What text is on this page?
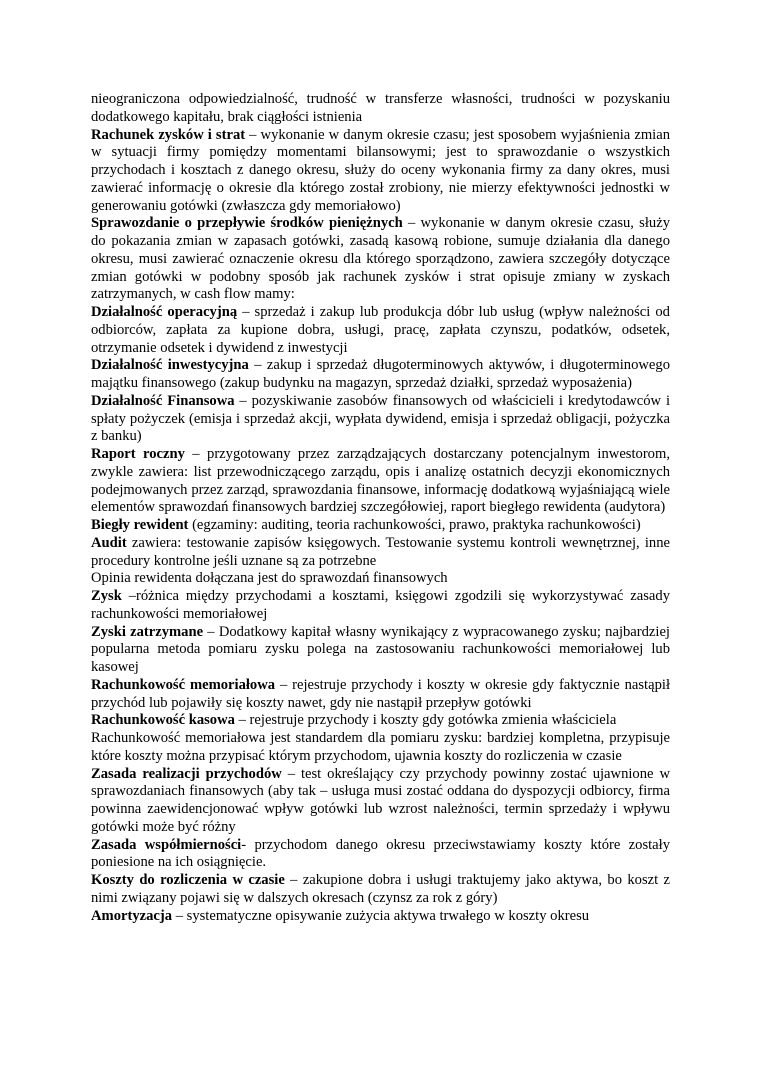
nieograniczona odpowiedzialność, trudność w transferze własności, trudności w pozyskaniu dodatkowego kapitału, brak ciągłości istnienia

Rachunek zysków i strat – wykonanie w danym okresie czasu; jest sposobem wyjaśnienia zmian w sytuacji firmy pomiędzy momentami bilansowymi; jest to sprawozdanie o wszystkich przychodach i kosztach z danego okresu, służy do oceny wykonania firmy za dany okres, musi zawierać informację o okresie dla którego został zrobiony, nie mierzy efektywności jednostki w generowaniu gotówki (zwłaszcza gdy memoriałowo)

Sprawozdanie o przepływie środków pieniężnych – wykonanie w danym okresie czasu, służy do pokazania zmian w zapasach gotówki, zasadą kasową robione, sumuje działania dla danego okresu, musi zawierać oznaczenie okresu dla którego sporządzono, zawiera szczegóły dotyczące zmian gotówki w podobny sposób jak rachunek zysków i strat opisuje zmiany w zyskach zatrzymanych, w cash flow mamy:

Działalność operacyjną – sprzedaż i zakup lub produkcja dóbr lub usług (wpływ należności od odbiorców, zapłata za kupione dobra, usługi, pracę, zapłata czynszu, podatków, odsetek, otrzymanie odsetek i dywidend z inwestycji

Działalność inwestycyjna – zakup i sprzedaż długoterminowych aktywów, i długoterminowego majątku finansowego (zakup budynku na magazyn, sprzedaż działki, sprzedaż wyposażenia)

Działalność Finansowa – pozyskiwanie zasobów finansowych od właścicieli i kredytodawców i spłaty pożyczek (emisja i sprzedaż akcji, wypłata dywidend, emisja i sprzedaż obligacji, pożyczka z banku)

Raport roczny – przygotowany przez zarządzających dostarczany potencjalnym inwestorom, zwykle zawiera: list przewodniczącego zarządu, opis i analizę ostatnich decyzji ekonomicznych podejmowanych przez zarząd, sprawozdania finansowe, informację dodatkową wyjaśniającą wiele elementów sprawozdań finansowych bardziej szczegółowiej, raport biegłego rewidenta (audytora)

Biegły rewident (egzaminy: auditing, teoria rachunkowości, prawo, praktyka rachunkowości)

Audit zawiera: testowanie zapisów księgowych. Testowanie systemu kontroli wewnętrznej, inne procedury kontrolne jeśli uznane są za potrzebne

Opinia rewidenta dołączana jest do sprawozdań finansowych

Zysk –różnica między przychodami a kosztami, księgowi zgodzili się wykorzystywać zasady rachunkowości memoriałowej

Zyski zatrzymane – Dodatkowy kapitał własny wynikający z wypracowanego zysku; najbardziej popularna metoda pomiaru zysku polega na zastosowaniu rachunkowości memoriałowej lub kasowej

Rachunkowość memoriałowa – rejestruje przychody i koszty w okresie gdy faktycznie nastąpił przychód lub pojawiły się koszty nawet, gdy nie nastąpił przepływ gotówki

Rachunkowość kasowa – rejestruje przychody i koszty gdy gotówka zmienia właściciela

Rachunkowość memoriałowa jest standardem dla pomiaru zysku: bardziej kompletna, przypisuje które koszty można przypisać którym przychodom, ujawnia koszty do rozliczenia w czasie

Zasada realizacji przychodów – test określający czy przychody powinny zostać ujawnione w sprawozdaniach finansowych (aby tak – usługa musi zostać oddana do dyspozycji odbiorcy, firma powinna zaewidencjonować wpływ gotówki lub wzrost należności, termin sprzedaży i wpływu gotówki może być różny

Zasada współmierności- przychodom danego okresu przeciwstawiamy koszty które zostały poniesione na ich osiągnięcie.

Koszty do rozliczenia w czasie – zakupione dobra i usługi traktujemy jako aktywa, bo koszt z nimi związany pojawi się w dalszych okresach (czynsz za rok z góry)

Amortyzacja – systematyczne opisywanie zużycia aktywa trwałego w koszty okresu
